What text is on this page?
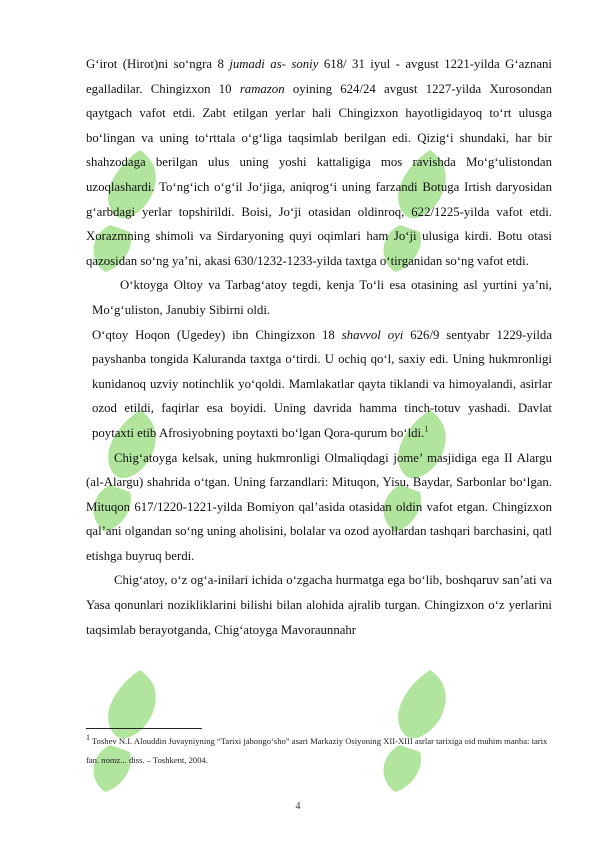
G‘irot (Hirot)ni so‘ngra 8 jumadi as- soniy 618/ 31 iyul - avgust 1221-yilda G‘aznani egalladilar. Chingizxon 10 ramazon oyining 624/24 avgust 1227-yilda Xurosondan qaytgach vafot etdi. Zabt etilgan yerlar hali Chingizxon hayotligidayoq to‘rt ulusga bo‘lingan va uning to‘rttala o‘g‘liga taqsimlab berilgan edi. Qizig‘i shundaki, har bir shahzodaga berilgan ulus uning yoshi kattaligiga mos ravishda Mo‘g‘ulistondan uzoqlashardi. To‘ng‘ich o‘g‘il Jo‘jiga, aniqrog‘i uning farzandi Botuga Irtish daryosidan g‘arbdagi yerlar topshirildi. Boisi, Jo‘ji otasidan oldinroq, 622/1225-yilda vafot etdi. Xorazmning shimoli va Sirdaryoning quyi oqimlari ham Jo‘ji ulusiga kirdi. Botu otasi qazosidan so‘ng ya’ni, akasi 630/1232-1233-yilda taxtga o‘tirganidan so‘ng vafot etdi.

O‘ktoyga Oltoy va Tarbag‘atoy tegdi, kenja To‘li esa otasining asl yurtini ya’ni, Mo‘g‘uliston, Janubiy Sibirni oldi.

O‘qtoy Hoqon (Ugedey) ibn Chingizxon 18 shavvol oyi 626/9 sentyabr 1229-yilda payshanba tongida Kaluranda taxtga o‘tirdi. U ochiq qo‘l, saxiy edi. Uning hukmronligi kunidanoq uzviy notinchlik yo‘qoldi. Mamlakatlar qayta tiklandi va himoyalandi, asirlar ozod etildi, faqirlar esa boyidi. Uning davrida hamma tinch-totuv yashadi. Davlat poytaxti etib Afrosiyobning poytaxti bo‘lgan Qora-qurum bo‘ldi.$^1$

Chig‘atoyga kelsak, uning hukmronligi Olmaliqdagi jome’ masjidiga ega II Alargu (al-Alargu) shahrida o‘tgan. Uning farzandlari: Mituqon, Yisu, Baydar, Sarbonlar bo‘lgan. Mituqon 617/1220-1221-yilda Bomiyon qal’asida otasidan oldin vafot etgan. Chingizxon qal’ani olgandan so‘ng uning aholisini, bolalar va ozod ayollardan tashqari barchasini, qatl etishga buyruq berdi.

Chig‘atoy, o‘z og‘a-inilari ichida o‘zgacha hurmatga ega bo‘lib, boshqaruv san’ati va Yasa qonunlari nozikliklarini bilishi bilan alohida ajralib turgan. Chingizxon o‘z yerlarini taqsimlab berayotganda, Chig‘atoyga Mavoraunnahr

$^1$ Toshev N.I. Alouddin Juvayniyning “Tarixi jahongo‘sho” asari Markaziy Osiyoning XII-XIII asrlar tarixiga oid muhim manba: tarix fan. nomz... diss. – Toshkent, 2004.
4
